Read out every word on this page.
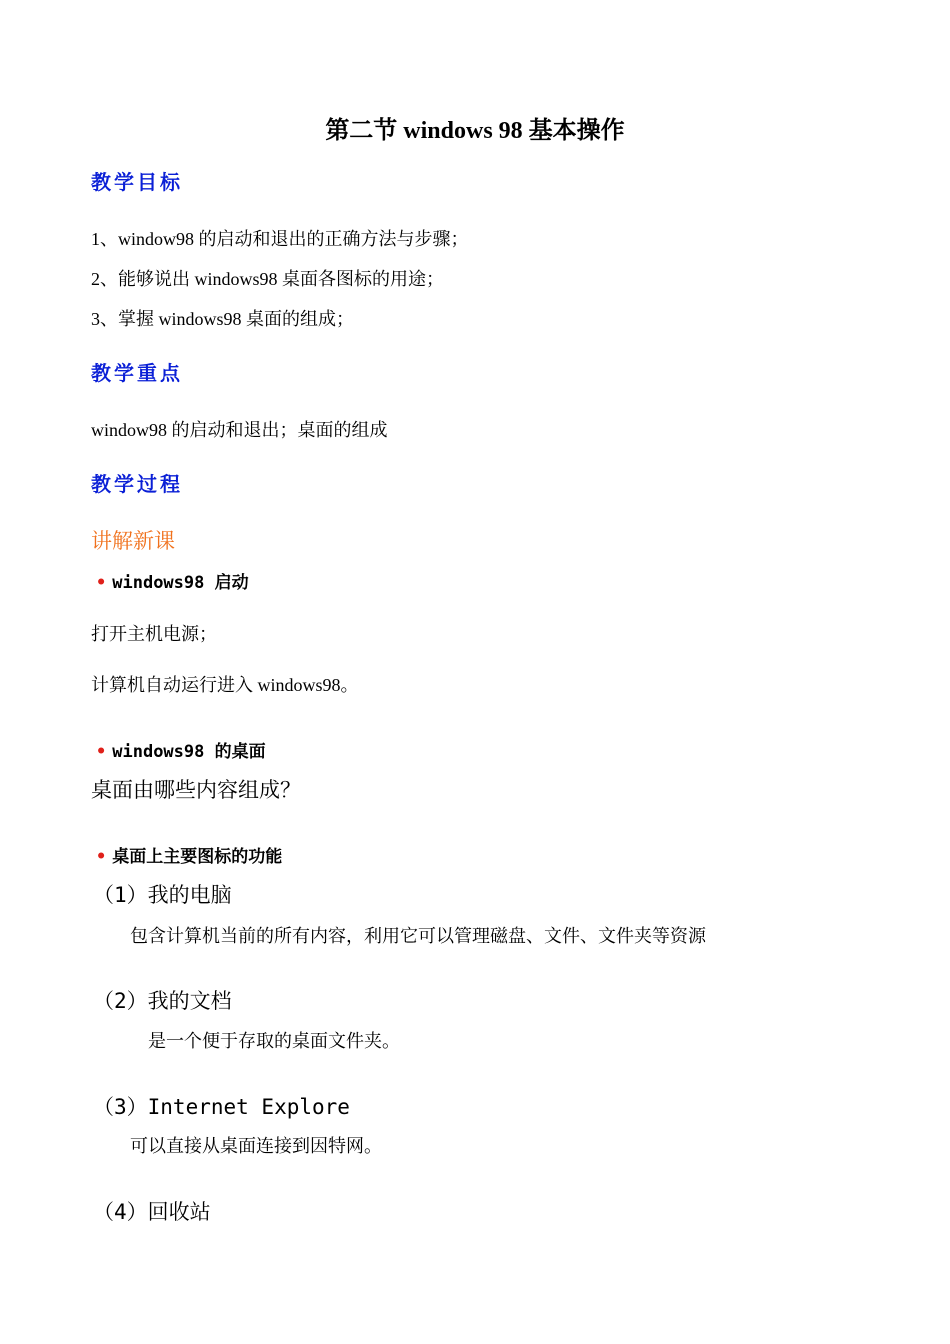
第二节 windows 98 基本操作
教学目标
1、window98 的启动和退出的正确方法与步骤；
2、能够说出 windows98 桌面各图标的用途；
3、掌握 windows98 桌面的组成；
教学重点
window98 的启动和退出；桌面的组成
教学过程
讲解新课
• windows98 启动
打开主机电源；
计算机自动运行进入 windows98。
• windows98 的桌面
桌面由哪些内容组成？
• 桌面上主要图标的功能
（1）我的电脑
包含计算机当前的所有内容，利用它可以管理磁盘、文件、文件夹等资源
（2）我的文档
是一个便于存取的桌面文件夹。
（3）Internet Explore
可以直接从桌面连接到因特网。
（4）回收站
